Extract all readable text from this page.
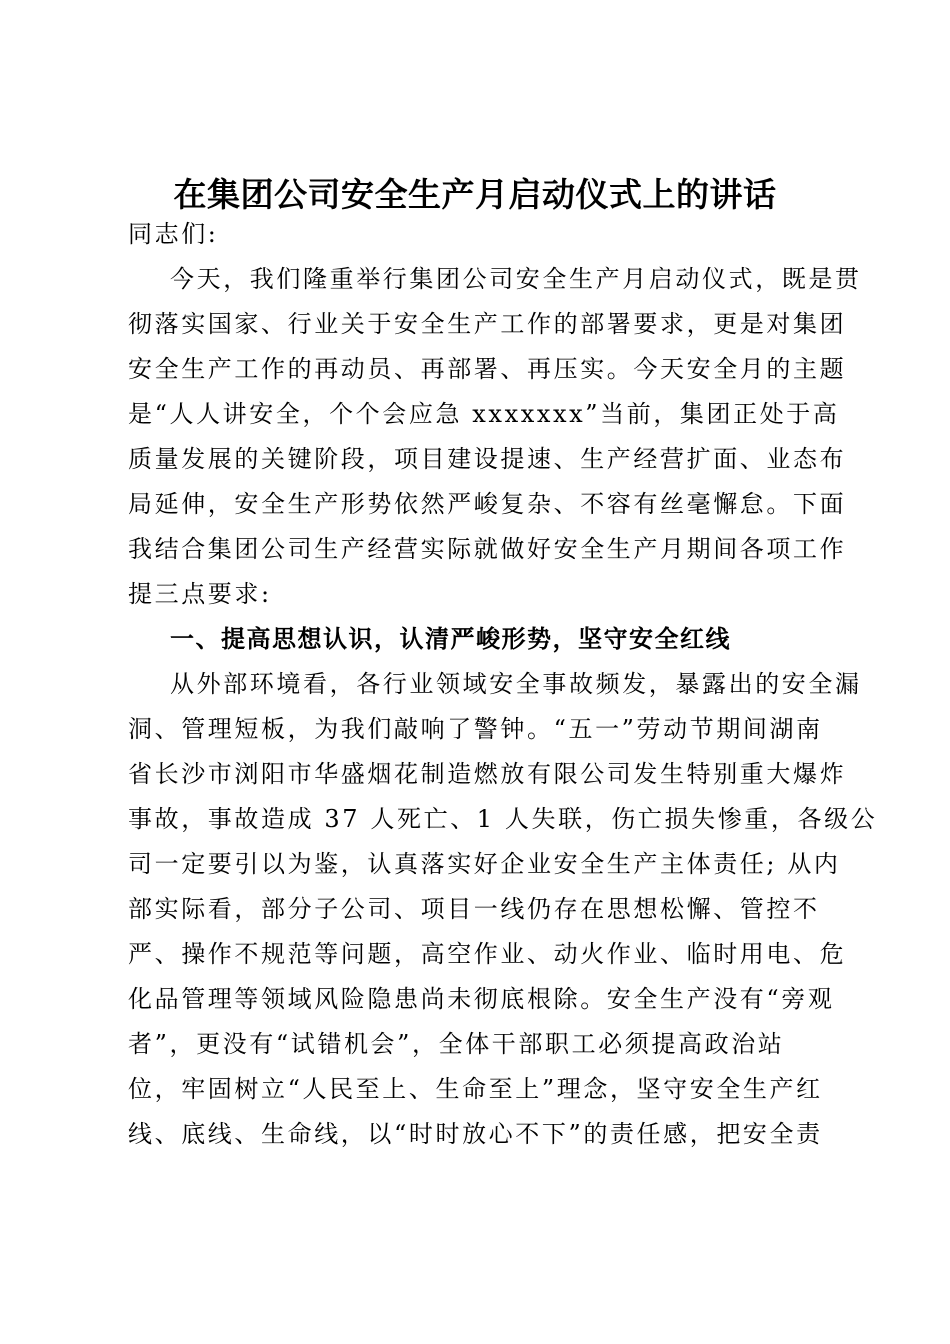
在集团公司安全生产月启动仪式上的讲话
同志们:
今天，我们隆重举行集团公司安全生产月启动仪式，既是贯
彻落实国家、行业关于安全生产工作的部署要求，更是对集团
安全生产工作的再动员、再部署、再压实。今天安全月的主题
是“人人讲安全，个个会应急 xxxxxxx”当前，集团正处于高
质量发展的关键阶段，项目建设提速、生产经营扩面、业态布
局延伸，安全生产形势依然严峻复杂、不容有丝毫懈怠。下面
我结合集团公司生产经营实际就做好安全生产月期间各项工作
提三点要求:
一、提高思想认识，认清严峻形势，坚守安全红线
从外部环境看，各行业领域安全事故频发，暴露出的安全漏
洞、管理短板，为我们敲响了警钟。“五一”劳动节期间湖南
省长沙市浏阳市华盛烟花制造燃放有限公司发生特别重大爆炸
事故，事故造成 37 人死亡、1 人失联，伤亡损失惨重，各级公
司一定要引以为鉴，认真落实好企业安全生产主体责任; 从内
部实际看，部分子公司、项目一线仍存在思想松懈、管控不
严、操作不规范等问题，高空作业、动火作业、临时用电、危
化品管理等领域风险隐患尚未彻底根除。安全生产没有“旁观
者”，更没有“试错机会”，全体干部职工必须提高政治站
位，牢固树立“人民至上、生命至上”理念，坚守安全生产红
线、底线、生命线，以“时时放心不下”的责任感，把安全责
